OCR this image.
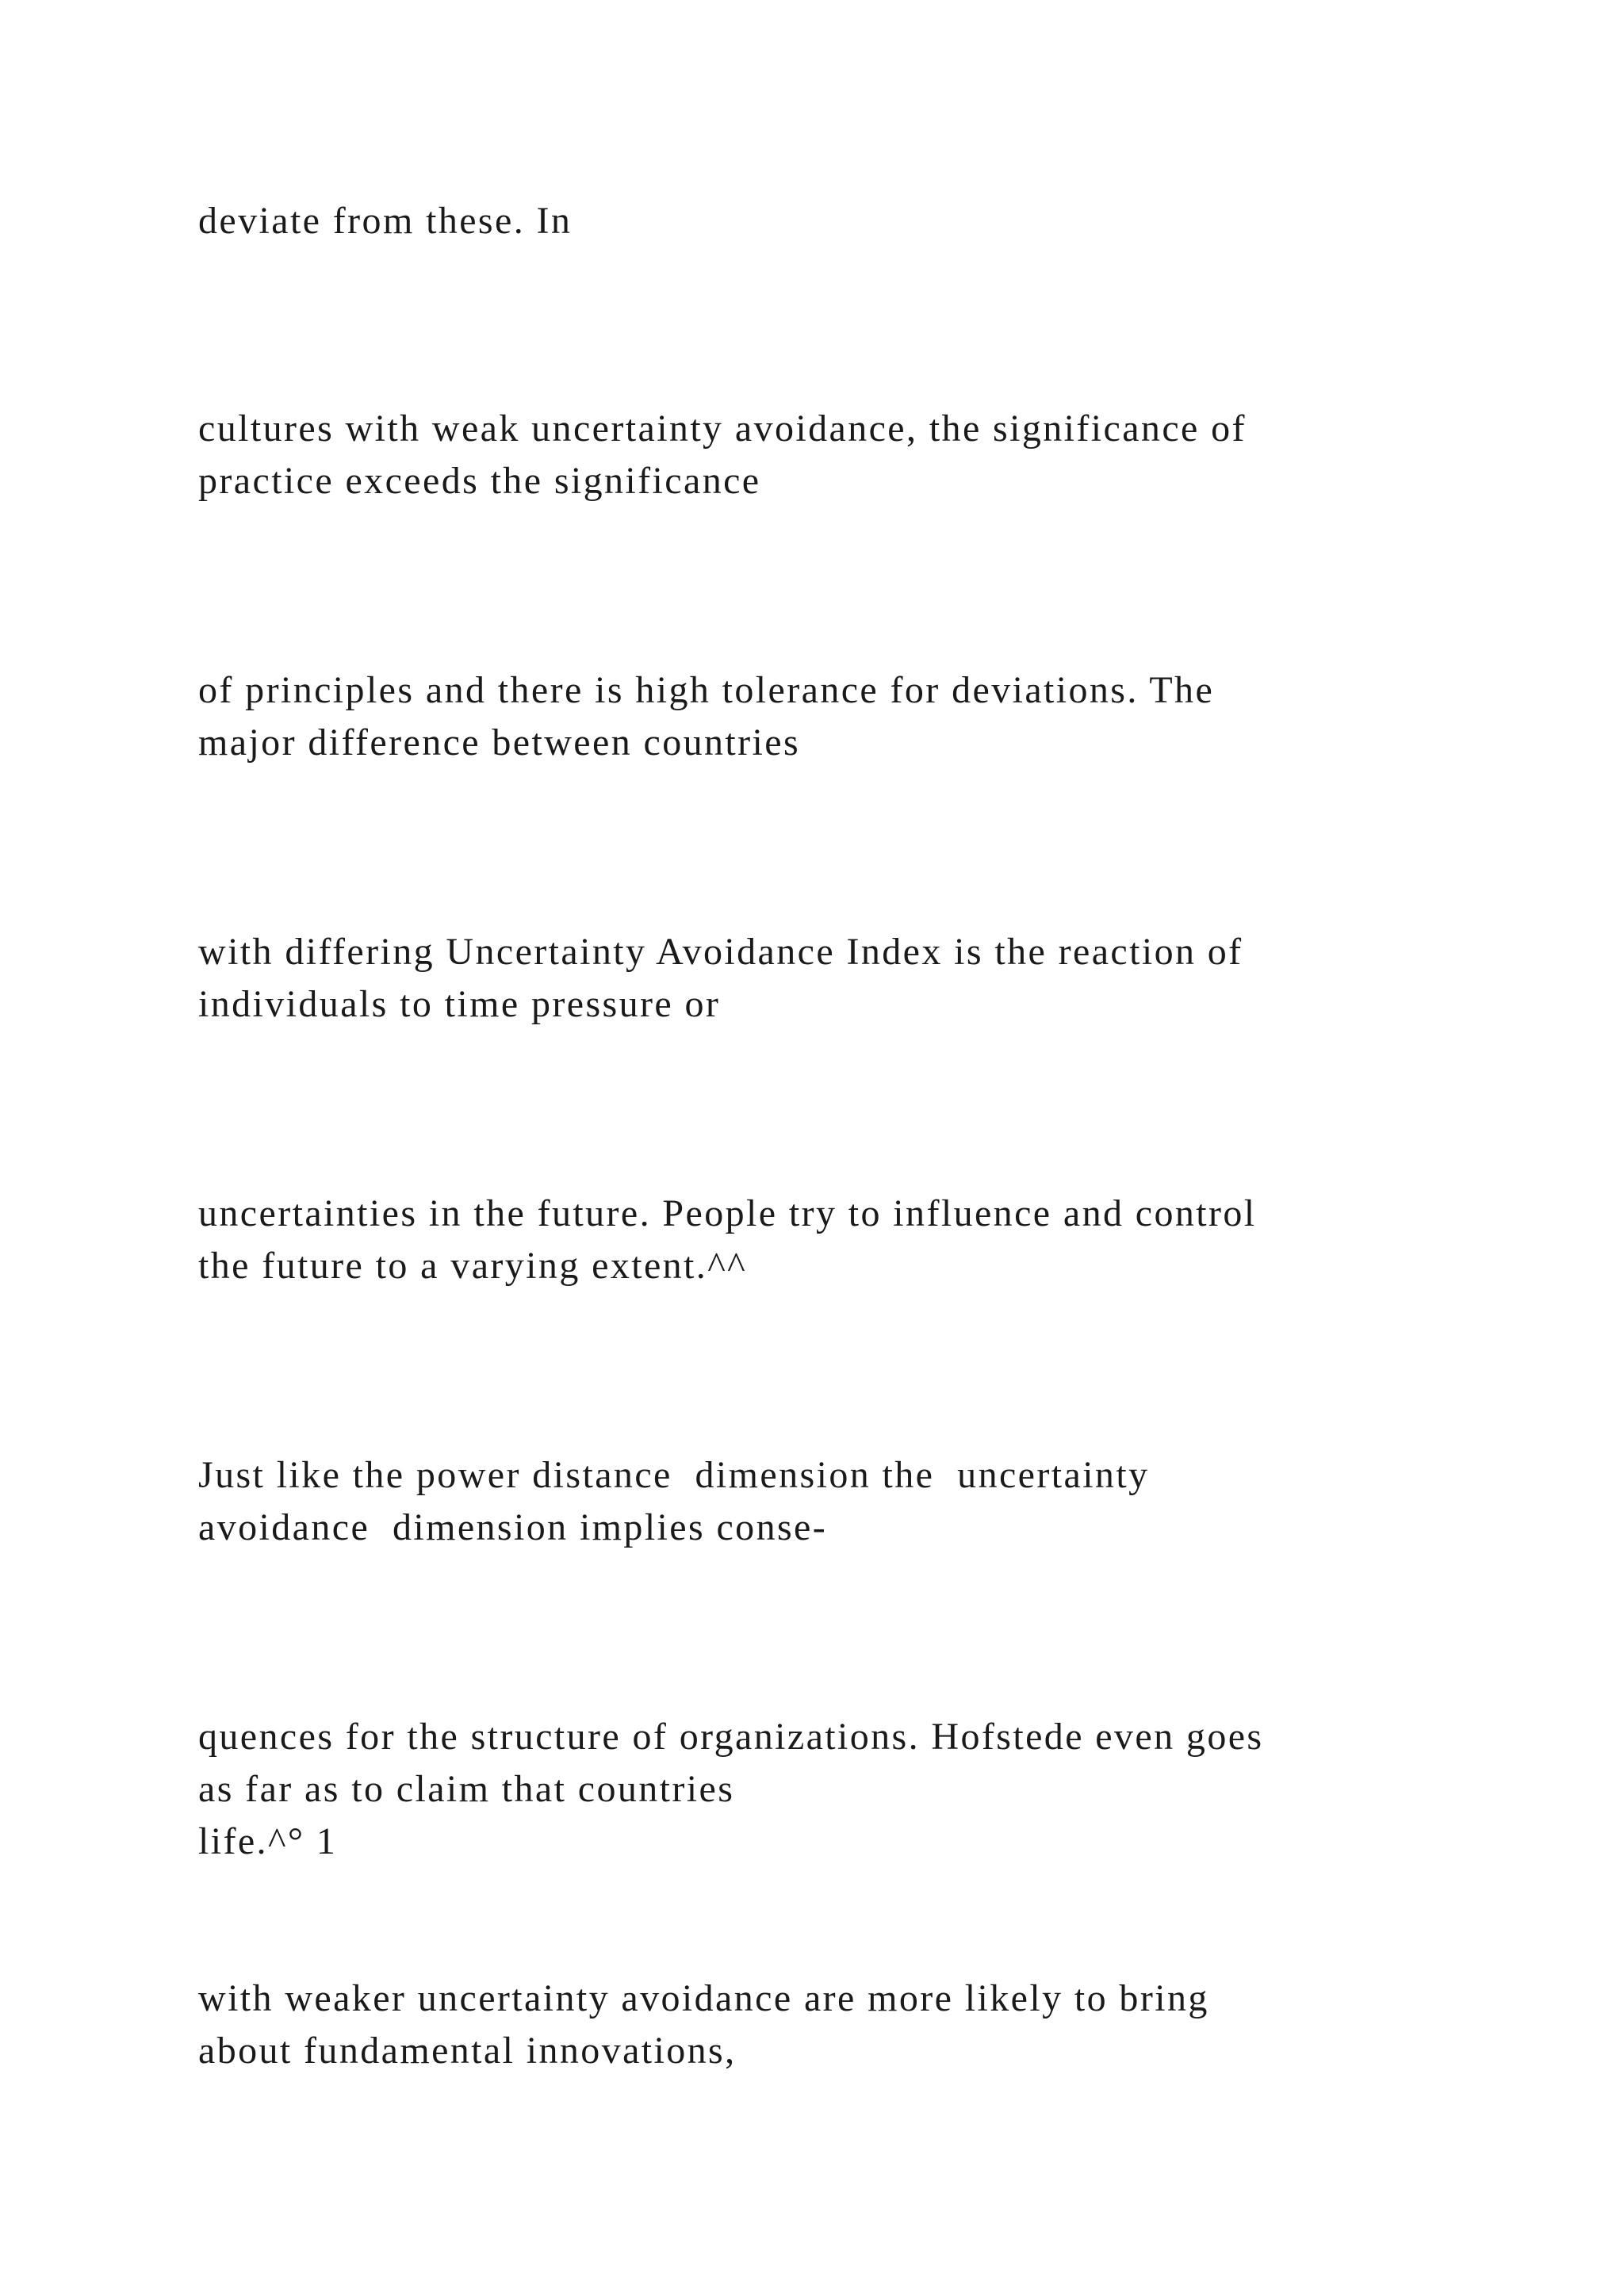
deviate from these. In

cultures with weak uncertainty avoidance, the significance of
practice exceeds the significance

of principles and there is high tolerance for deviations. The
major difference between countries

with differing Uncertainty Avoidance Index is the reaction of
individuals to time pressure or

uncertainties in the future. People try to influence and control
the future to a varying extent.^^

Just like the power distance  dimension the  uncertainty
avoidance  dimension implies conse-

quences for the structure of organizations. Hofstede even goes
as far as to claim that countries
life.^° 1

with weaker uncertainty avoidance are more likely to bring
about fundamental innovations,
